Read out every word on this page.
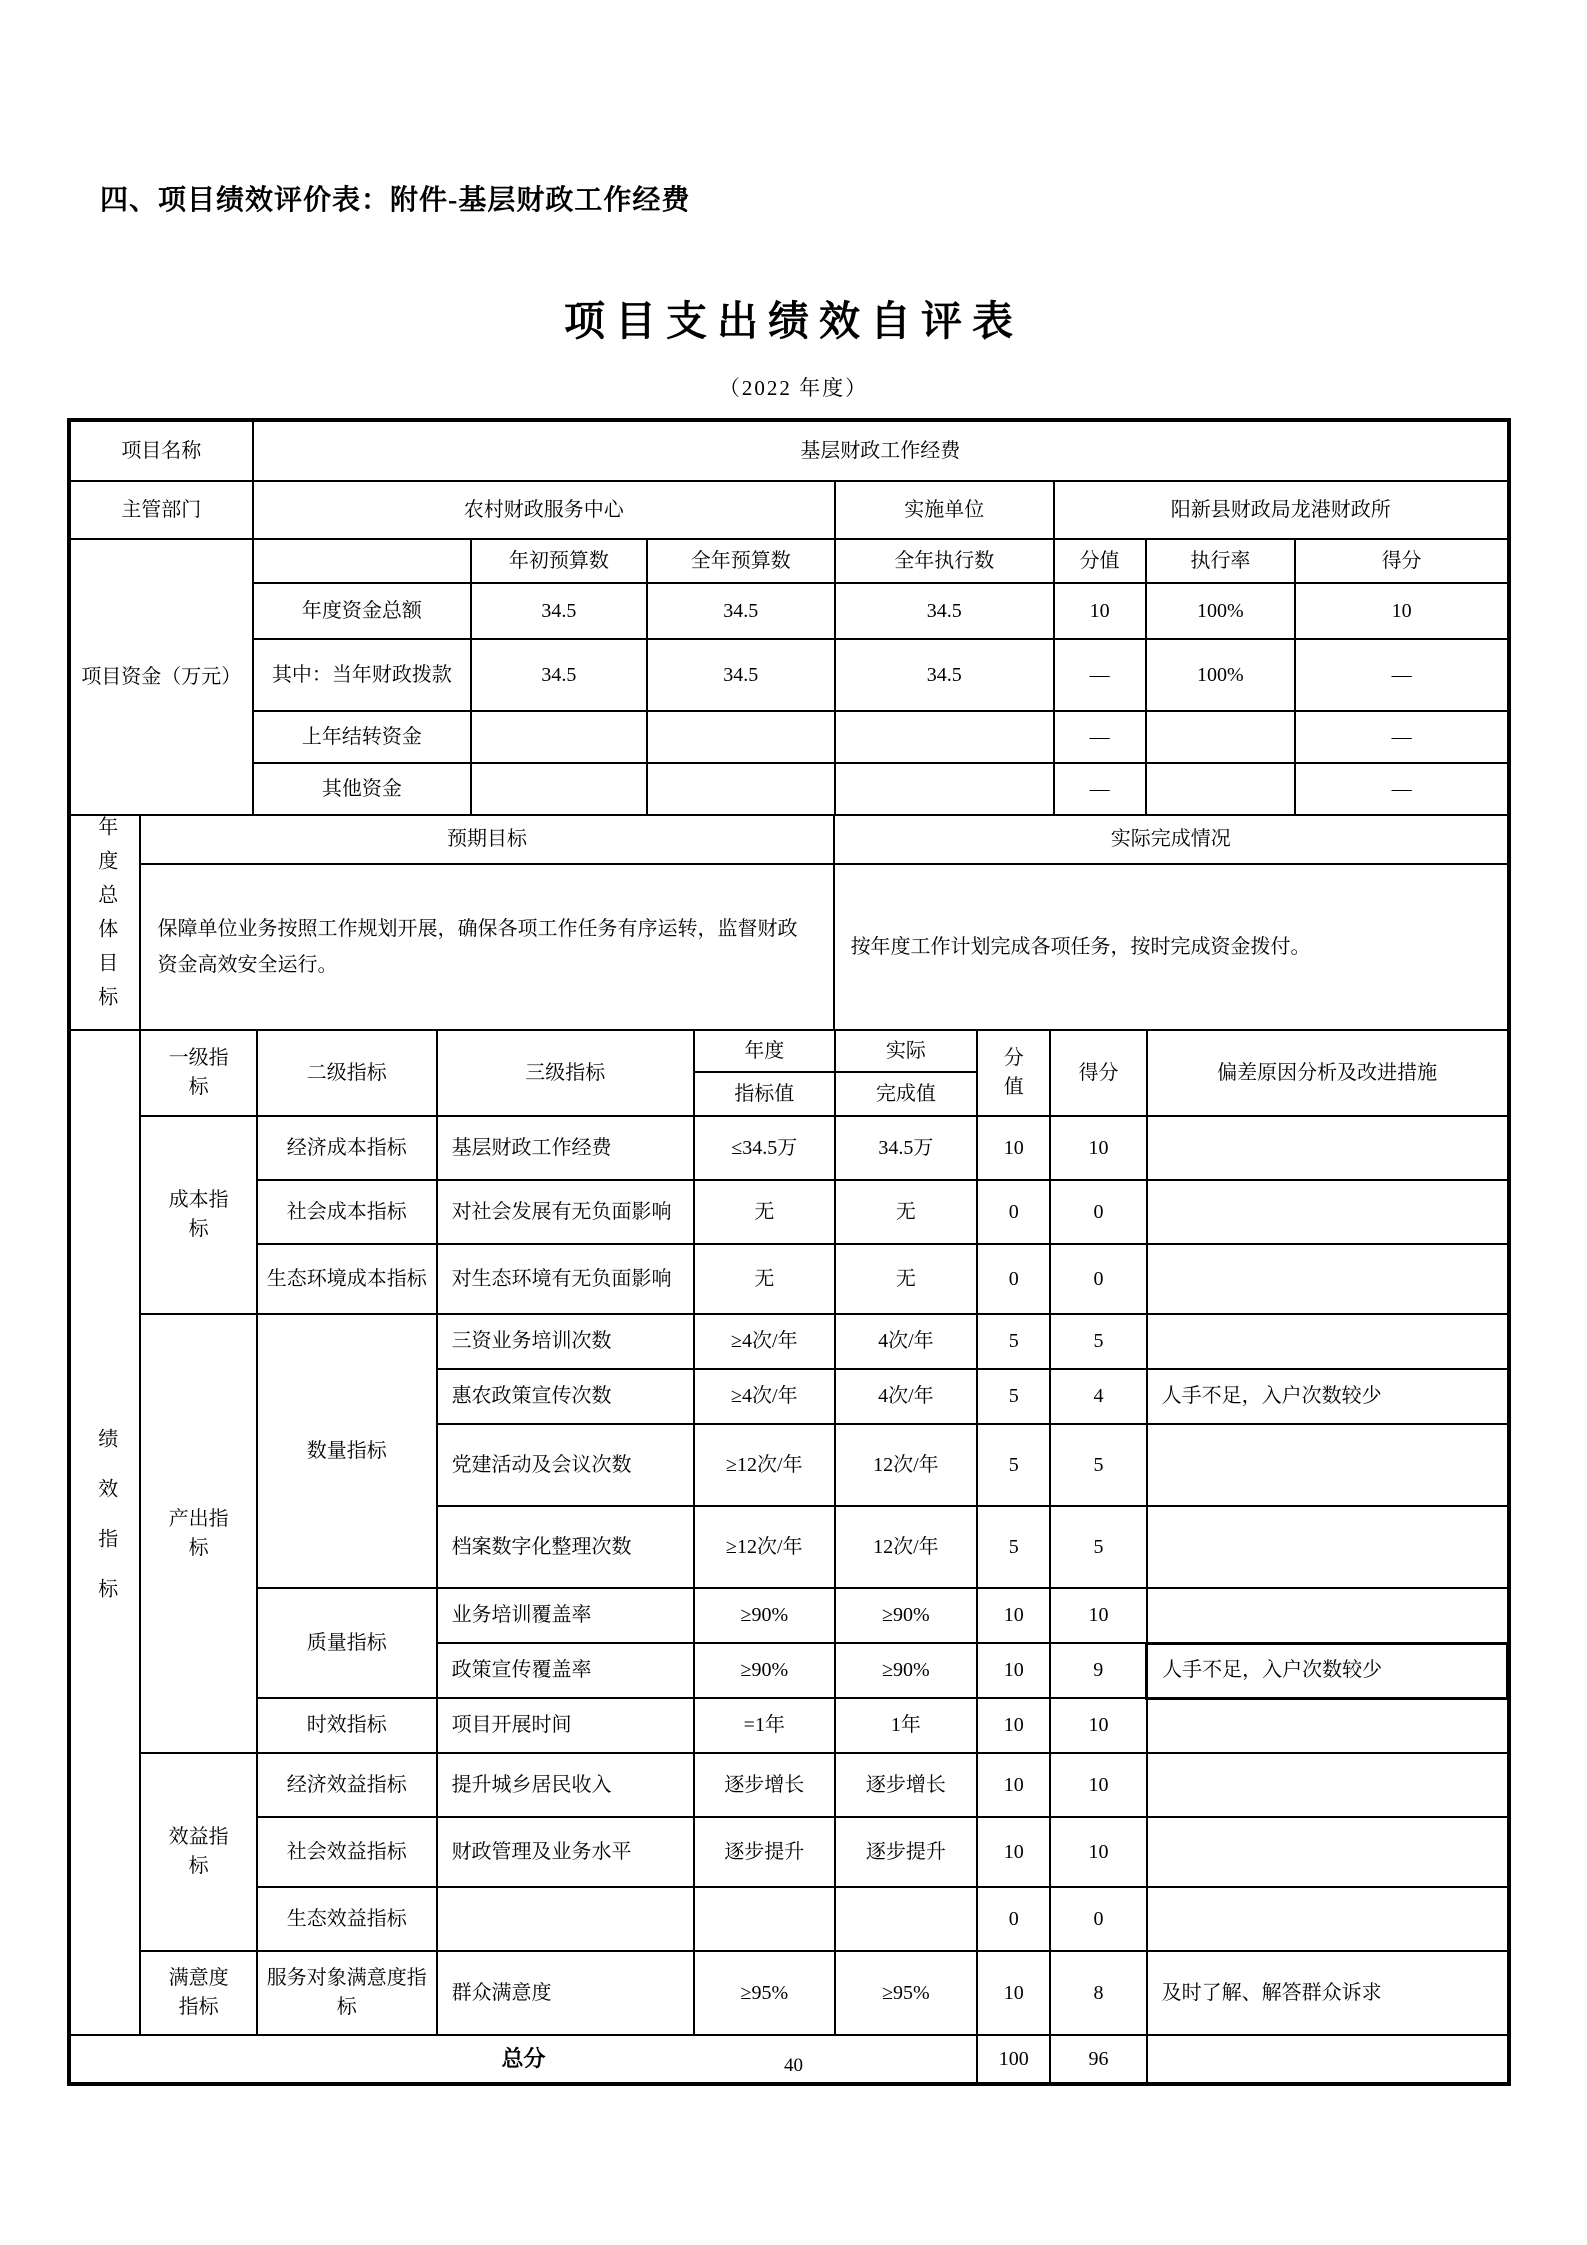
四、项目绩效评价表：附件-基层财政工作经费
项目支出绩效自评表
（2022 年度）
项目名称	基层财政工作经费						
主管部门	农村财政服务中心			实施单位	阳新县财政局龙港财政所		
项目资金（万元）		年初预算数	全年预算数	全年执行数	分值	执行率	得分
	年度资金总额	34.5	34.5	34.5	10	100%	10
	其中：当年财政拨款	34.5	34.5	34.5	—	100%	—
	上年结转资金				—		—
	其他资金				—		—
年度总体目标	预期目标	实际完成情况
	保障单位业务按照工作规划开展，确保各项工作任务有序运转，监督财政资金高效安全运行。	按年度工作计划完成各项任务，按时完成资金拨付。
绩效指标	一级指标	二级指标	三级指标	年度	实际	分值	得分	偏差原因分析及改进措施
				指标值	完成值			
	成本指标	经济成本指标	基层财政工作经费	≤34.5万	34.5万	10	10	
		社会成本指标	对社会发展有无负面影响	无	无	0	0	
		生态环境成本指标	对生态环境有无负面影响	无	无	0	0	
	产出指标	数量指标	三资业务培训次数	≥4次/年	4次/年	5	5	
			惠农政策宣传次数	≥4次/年	4次/年	5	4	人手不足，入户次数较少
			党建活动及会议次数	≥12次/年	12次/年	5	5	
			档案数字化整理次数	≥12次/年	12次/年	5	5	
		质量指标	业务培训覆盖率	≥90%	≥90%	10	10	
			政策宣传覆盖率	≥90%	≥90%	10	9	人手不足，入户次数较少
		时效指标	项目开展时间	=1年	1年	10	10	
	效益指标	经济效益指标	提升城乡居民收入	逐步增长	逐步增长	10	10	
		社会效益指标	财政管理及业务水平	逐步提升	逐步提升	10	10	
		生态效益指标				0	0	
	满意度指标	服务对象满意度指标	群众满意度	≥95%	≥95%	10	8	及时了解、解答群众诉求
总分						100	96	
40
